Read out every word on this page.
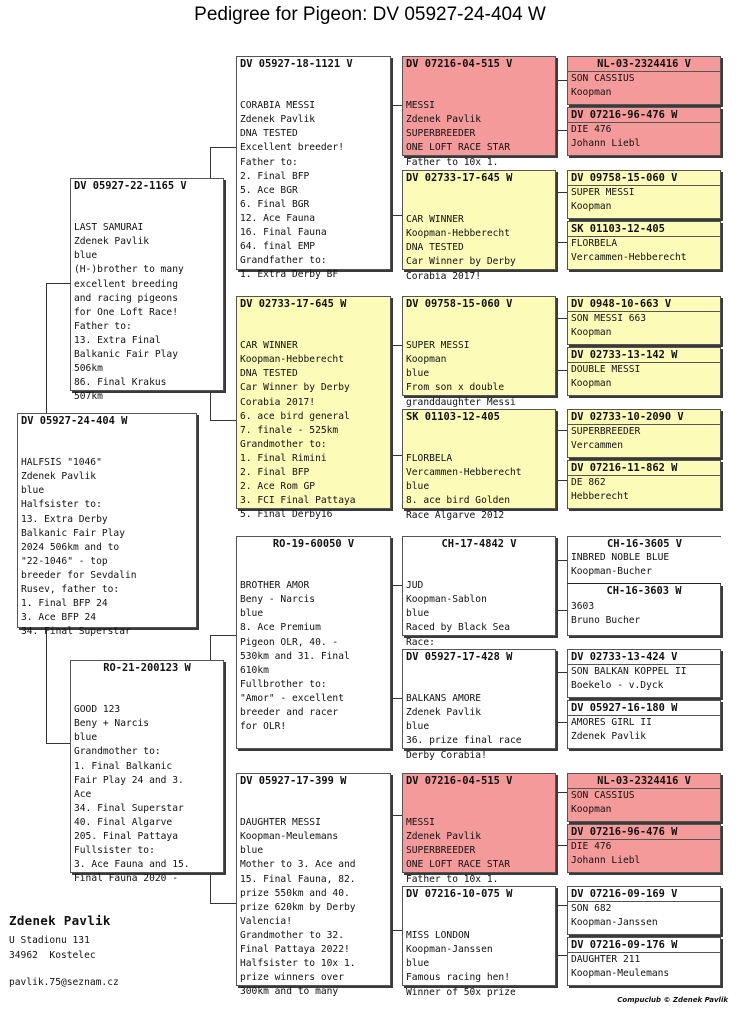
Pedigree for Pigeon: DV 05927-24-404 W
DV 05927-24-404 W

HALFSIS "1046"
Zdenek Pavlik
blue
Halfsister to:
13. Extra Derby
Balkanic Fair Play
2024 506km and to
"22-1046" - top
breeder for Sevdalin
Rusev, father to:
1. Final BFP 24
3. Ace BFP 24
34. Final Superstar

DV 05927-22-1165 V

LAST SAMURAI
Zdenek Pavlik
blue
(H-)brother to many
excellent breeding
and racing pigeons
for One Loft Race!
Father to:
13. Extra Final
Balkanic Fair Play
506km
86. Final Krakus
507km

RO-21-200123 W

GOOD 123
Beny + Narcis
blue
Grandmother to:
1. Final Balkanic
Fair Play 24 and 3.
Ace
34. Final Superstar
40. Final Algarve
205. Final Pattaya
Fullsister to:
3. Ace Fauna and 15.
Final Fauna 2020 -

DV 05927-18-1121 V

CORABIA MESSI
Zdenek Pavlik
DNA TESTED
Excellent breeder!
Father to:
2. Final BFP
5. Ace BGR
6. Final BGR
12. Ace Fauna
16. Final Fauna
64. final EMP
Grandfather to:
1. Extra Derby BF

DV 02733-17-645 W

CAR WINNER
Koopman-Hebberecht
DNA TESTED
Car Winner by Derby
Corabia 2017!
6. ace bird general
7. finale - 525km
Grandmother to:
1. Final Rimini
2. Final BFP
2. Ace Rom GP
3. FCI Final Pattaya
5. Final Derby16

RO-19-60050 V

BROTHER AMOR
Beny - Narcis
blue
8. Ace Premium
Pigeon OLR, 40. -
530km and 31. Final
610km
Fullbrother to:
"Amor" - excellent
breeder and racer
for OLR!

DV 05927-17-399 W

DAUGHTER MESSI
Koopman-Meulemans
blue
Mother to 3. Ace and
15. Final Fauna, 82.
prize 550km and 40.
prize 620km by Derby
Valencia!
Grandmother to 32.
Final Pattaya 2022!
Halfsister to 10x 1.
prize winners over
300km and to many

DV 07216-04-515 V

MESSI
Zdenek Pavlik
SUPERBREEDER
ONE LOFT RACE STAR
Father to 10x 1.

DV 02733-17-645 W

CAR WINNER
Koopman-Hebberecht
DNA TESTED
Car Winner by Derby
Corabia 2017!

DV 09758-15-060 V

SUPER MESSI
Koopman
blue
From son x double
granddaughter Messi

SK 01103-12-405

FLORBELA
Vercammen-Hebberecht
blue
8. ace bird Golden
Race Algarve 2012

CH-17-4842 V

JUD
Koopman-Sablon
blue
Raced by Black Sea
Race:

DV 05927-17-428 W

BALKANS AMORE
Zdenek Pavlik
blue
36. prize final race
Derby Corabia!

DV 07216-04-515 V

MESSI
Zdenek Pavlik
SUPERBREEDER
ONE LOFT RACE STAR
Father to 10x 1.

DV 07216-10-075 W

MISS LONDON
Koopman-Janssen
blue
Famous racing hen!
Winner of 50x prize

NL-03-2324416 V
SON CASSIUS
Koopman
DV 07216-96-476 W
DIE 476
Johann Liebl
DV 09758-15-060 V
SUPER MESSI
Koopman
SK 01103-12-405
FLORBELA
Vercammen-Hebberecht
DV 0948-10-663 V
SON MESSI 663
Koopman
DV 02733-13-142 W
DOUBLE MESSI
Koopman
DV 02733-10-2090 V
SUPERBREEDER
Vercammen
DV 07216-11-862 W
DE 862
Hebberecht
CH-16-3605 V
INBRED NOBLE BLUE
Koopman-Bucher
CH-16-3603 W
3603
Bruno Bucher
DV 02733-13-424 V
SON BALKAN KOPPEL II
Boekelo - v.Dyck
DV 05927-16-180 W
AMORES GIRL II
Zdenek Pavlik
NL-03-2324416 V
SON CASSIUS
Koopman
DV 07216-96-476 W
DIE 476
Johann Liebl
DV 07216-09-169 V
SON 682
Koopman-Janssen
DV 07216-09-176 W
DAUGHTER 211
Koopman-Meulemans
Zdenek Pavlik
U Stadionu 131
34962  Kostelec
pavlik.75@seznam.cz
Compuclub © Zdenek Pavlik
